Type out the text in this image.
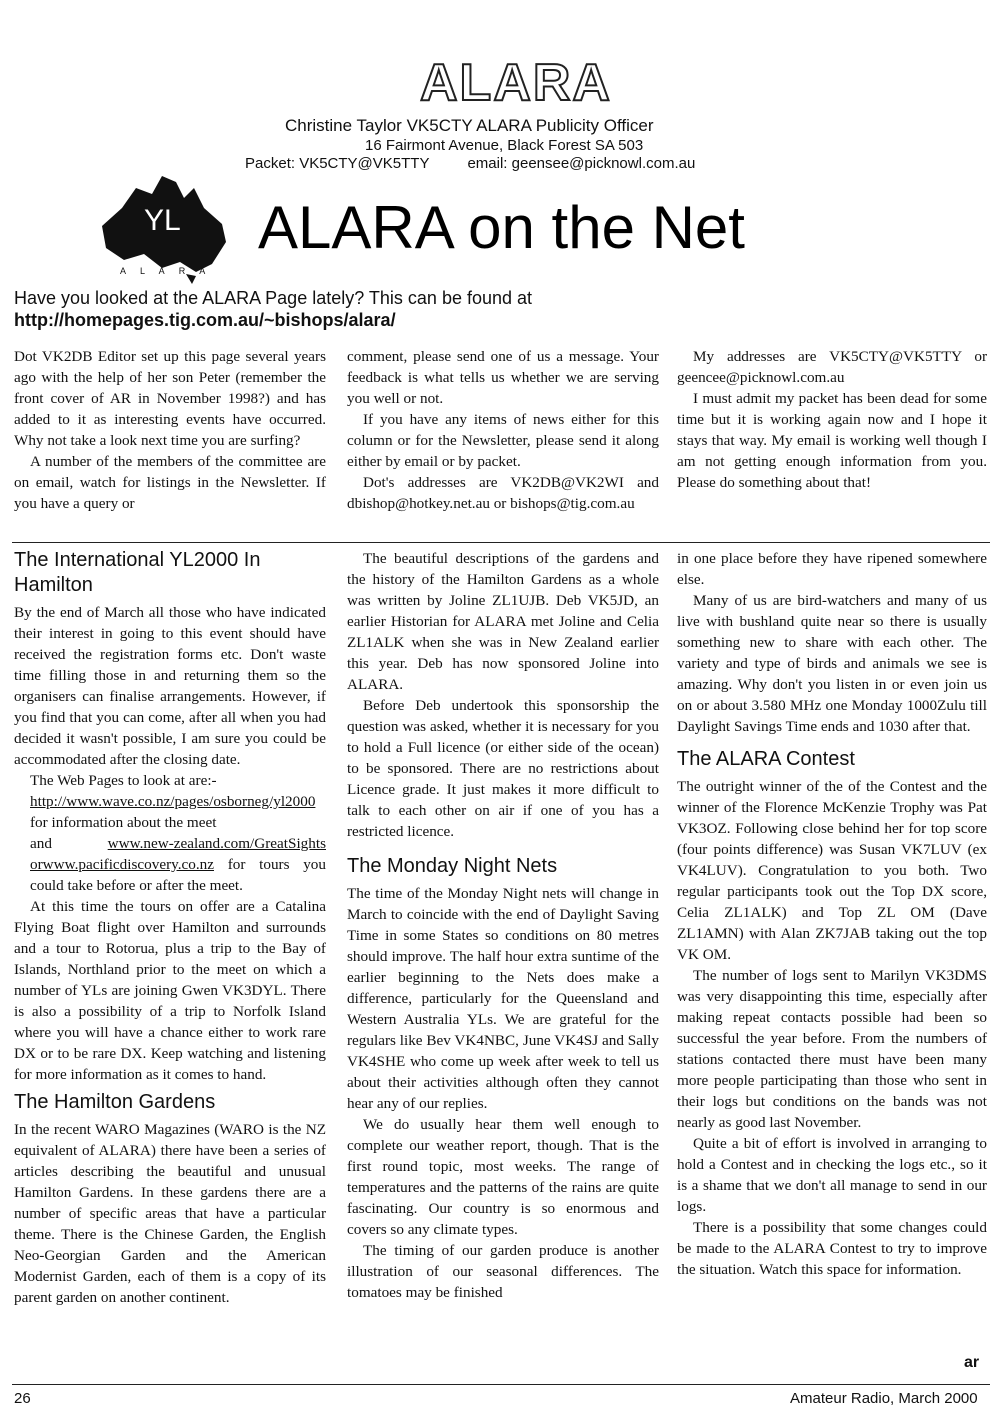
ALARA
Christine Taylor VK5CTY ALARA Publicity Officer
16 Fairmont Avenue, Black Forest SA 503
Packet: VK5CTY@VK5TTY	email: geensee@picknowl.com.au
YL
A L A R A
ALARA on the Net
Have you looked at the ALARA Page lately? This can be found at
http://homepages.tig.com.au/~bishops/alara/

Dot VK2DB Editor set up this page several years ago with the help of her son Peter (remember the front cover of AR in November 1998?) and has added to it as interesting events have occurred. Why not take a look next time you are surfing?

A number of the members of the committee are on email, watch for listings in the Newsletter. If you have a query or

comment, please send one of us a message. Your feedback is what tells us whether we are serving you well or not.

If you have any items of news either for this column or for the Newsletter, please send it along either by email or by packet.

Dot's addresses are VK2DB@VK2WI and dbishop@hotkey.net.au or bishops@tig.com.au

My addresses are VK5CTY@VK5TTY or geencee@picknowl.com.au

I must admit my packet has been dead for some time but it is working again now and I hope it stays that way. My email is working well though I am not getting enough information from you. Please do something about that!

The International YL2000 In Hamilton

By the end of March all those who have indicated their interest in going to this event should have received the registration forms etc. Don't waste time filling those in and returning them so the organisers can finalise arrangements. However, if you find that you can come, after all when you had decided it wasn't possible, I am sure you could be accommodated after the closing date.

The Web Pages to look at are:-

http://www.wave.co.nz/pages/osborneg/yl2000 for information about the meet

and www.new-zealand.com/GreatSights orwww.pacificdiscovery.co.nz for tours you could take before or after the meet.

At this time the tours on offer are a Catalina Flying Boat flight over Hamilton and surrounds and a tour to Rotorua, plus a trip to the Bay of Islands, Northland prior to the meet on which a number of YLs are joining Gwen VK3DYL. There is also a possibility of a trip to Norfolk Island where you will have a chance either to work rare DX or to be rare DX. Keep watching and listening for more information as it comes to hand.

The Hamilton Gardens

In the recent WARO Magazines (WARO is the NZ equivalent of ALARA) there have been a series of articles describing the beautiful and unusual Hamilton Gardens. In these gardens there are a number of specific areas that have a particular theme. There is the Chinese Garden, the English Neo-Georgian Garden and the American Modernist Garden, each of them is a copy of its parent garden on another continent.

The beautiful descriptions of the gardens and the history of the Hamilton Gardens as a whole was written by Joline ZL1UJB. Deb VK5JD, an earlier Historian for ALARA met Joline and Celia ZL1ALK when she was in New Zealand earlier this year. Deb has now sponsored Joline into ALARA.

Before Deb undertook this sponsorship the question was asked, whether it is necessary for you to hold a Full licence (or either side of the ocean) to be sponsored. There are no restrictions about Licence grade. It just makes it more difficult to talk to each other on air if one of you has a restricted licence.

The Monday Night Nets

The time of the Monday Night nets will change in March to coincide with the end of Daylight Saving Time in some States so conditions on 80 metres should improve. The half hour extra suntime of the earlier beginning to the Nets does make a difference, particularly for the Queensland and Western Australia YLs. We are grateful for the regulars like Bev VK4NBC, June VK4SJ and Sally VK4SHE who come up week after week to tell us about their activities although often they cannot hear any of our replies.

We do usually hear them well enough to complete our weather report, though. That is the first round topic, most weeks. The range of temperatures and the patterns of the rains are quite fascinating. Our country is so enormous and covers so any climate types.

The timing of our garden produce is another illustration of our seasonal differences. The tomatoes may be finished

in one place before they have ripened somewhere else.

Many of us are bird-watchers and many of us live with bushland quite near so there is usually something new to share with each other. The variety and type of birds and animals we see is amazing. Why don't you listen in or even join us on or about 3.580 MHz one Monday 1000Zulu till Daylight Savings Time ends and 1030 after that.

The ALARA Contest

The outright winner of the of the Contest and the winner of the Florence McKenzie Trophy was Pat VK3OZ. Following close behind her for top score (four points difference) was Susan VK7LUV (ex VK4LUV). Congratulation to you both. Two regular participants took out the Top DX score, Celia ZL1ALK) and Top ZL OM (Dave ZL1AMN) with Alan ZK7JAB taking out the top VK OM.

The number of logs sent to Marilyn VK3DMS was very disappointing this time, especially after making repeat contacts possible had been so successful the year before. From the numbers of stations contacted there must have been many more people participating than those who sent in their logs but conditions on the bands was not nearly as good last November.

Quite a bit of effort is involved in arranging to hold a Contest and in checking the logs etc., so it is a shame that we don't all manage to send in our logs.

There is a possibility that some changes could be made to the ALARA Contest to try to improve the situation. Watch this space for information.

ar
26	Amateur Radio, March 2000
